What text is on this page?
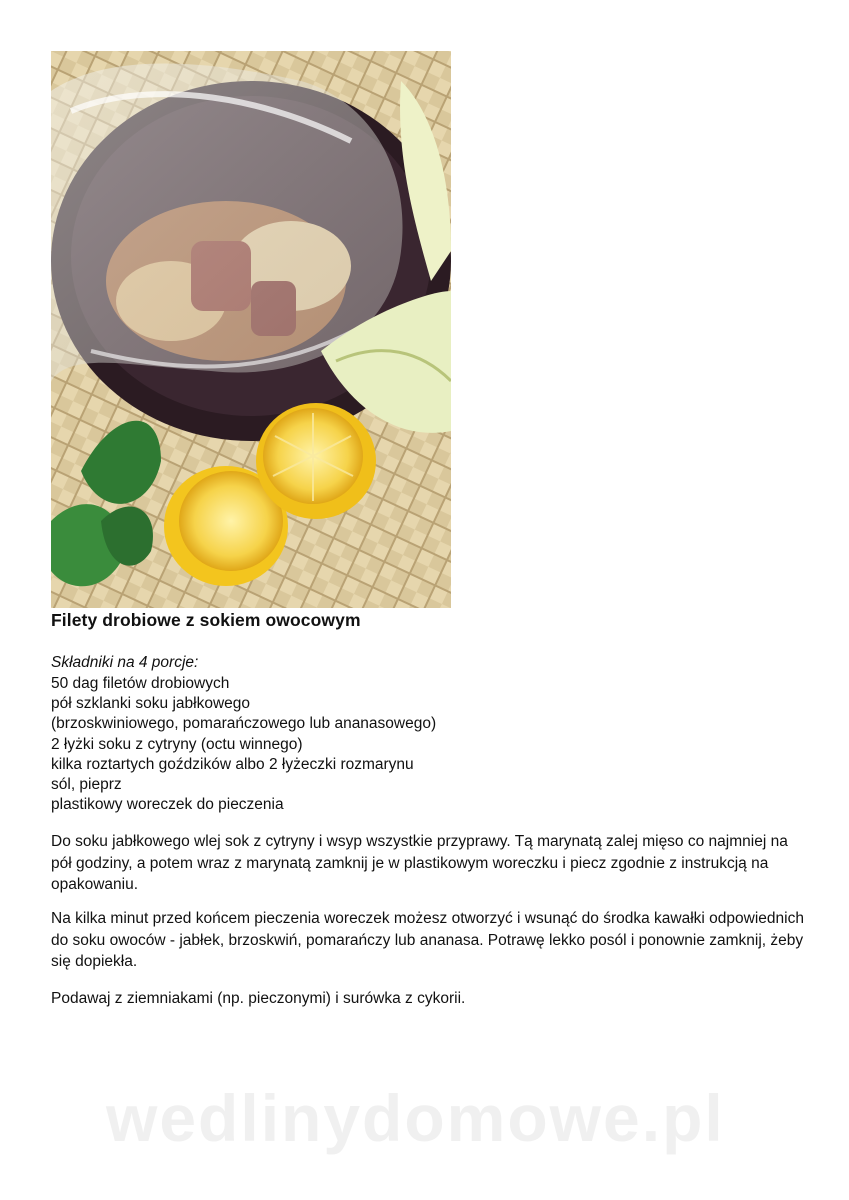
Filety drobiowe z sokiem owocowym
Składniki na 4 porcje:
50 dag filetów drobiowych
pół szklanki soku jabłkowego
(brzoskwiniowego, pomarańczowego lub ananasowego)
2 łyżki soku z cytryny (octu winnego)
kilka roztartych goździków albo 2 łyżeczki rozmarynu
sól, pieprz
plastikowy woreczek do pieczenia

Do soku jabłkowego wlej sok z cytryny i wsyp wszystkie przyprawy. Tą marynatą zalej mięso co najmniej na pół godziny, a potem wraz z marynatą zamknij je w plastikowym woreczku i piecz zgodnie z instrukcją na opakowaniu.

Na kilka minut przed końcem pieczenia woreczek możesz otworzyć i wsunąć do środka kawałki odpowiednich do soku owoców - jabłek, brzoskwiń, pomarańczy lub ananasa. Potrawę lekko posól i ponownie zamknij, żeby się dopiekła.

Podawaj z ziemniakami (np. pieczonymi) i surówka z cykorii.

wedlinydomowe.pl
